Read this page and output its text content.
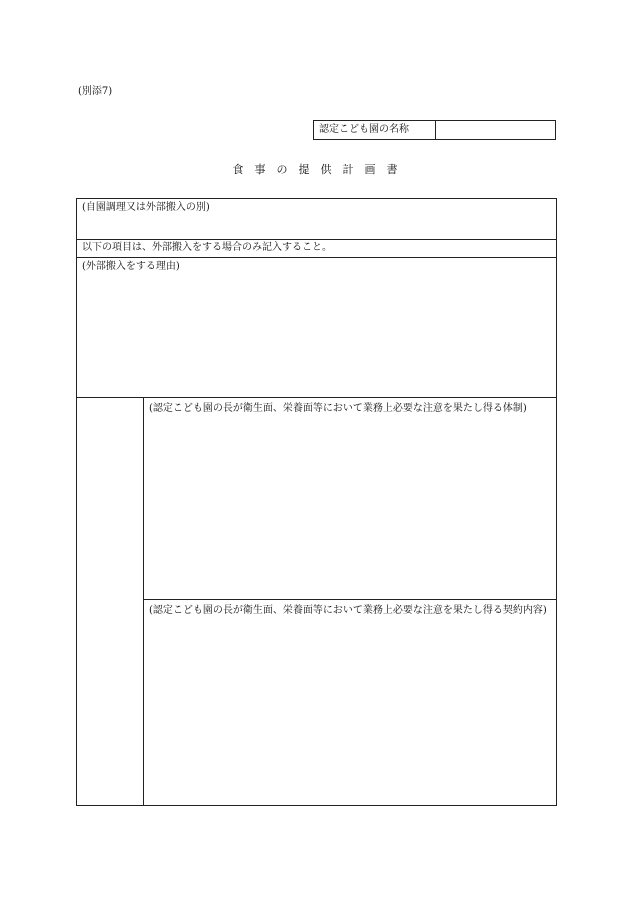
(別添7)
認定こども園の名称
食事の提供計画書
(自園調理又は外部搬入の別)
以下の項目は、外部搬入をする場合のみ記入すること。
(外部搬入をする理由)
(認定こども園の長が衛生面、栄養面等において業務上必要な注意を果たし得る体制)
(認定こども園の長が衛生面、栄養面等において業務上必要な注意を果たし得る契約内容)
